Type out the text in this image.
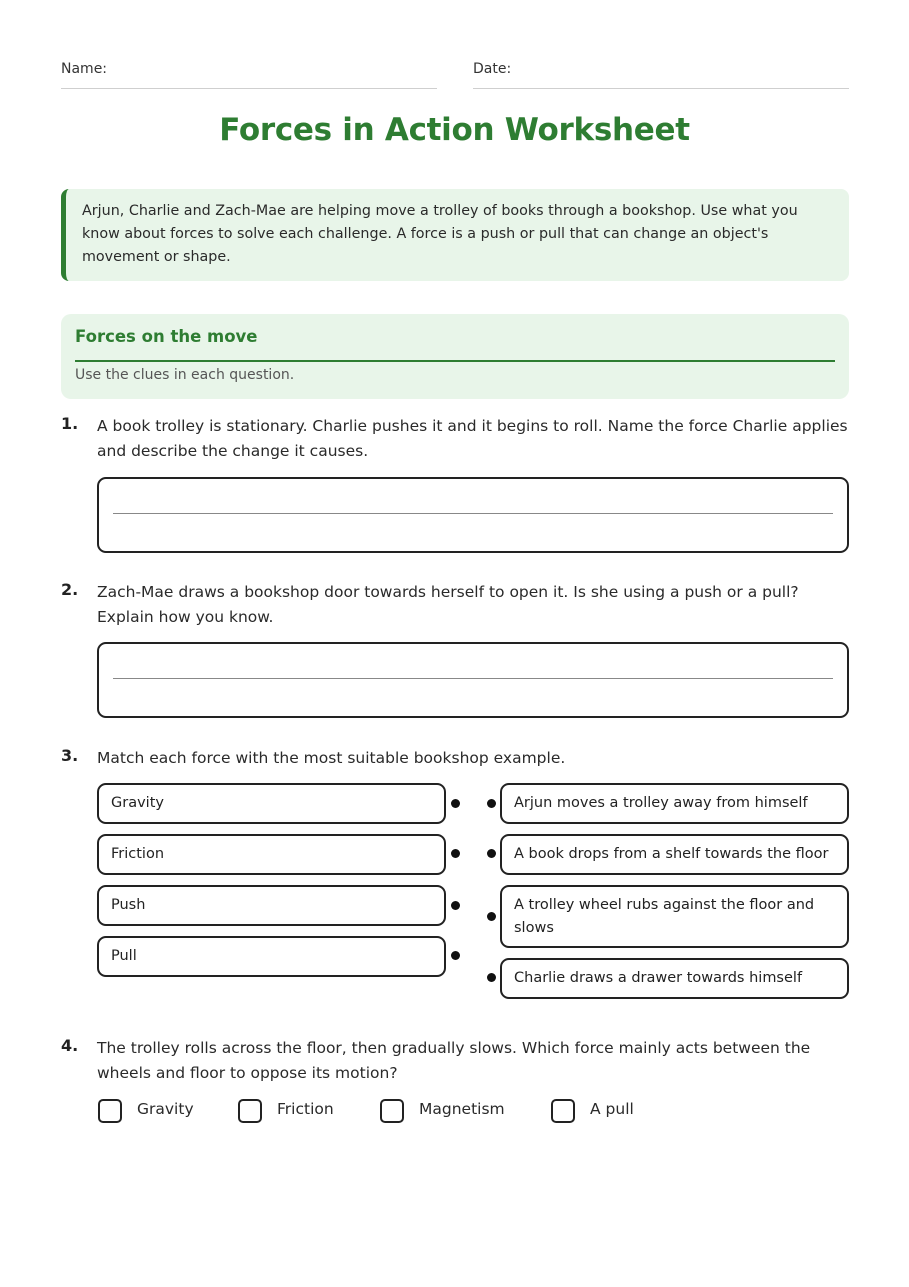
Name:	Date:
Forces in Action Worksheet
Arjun, Charlie and Zach-Mae are helping move a trolley of books through a bookshop. Use what you know about forces to solve each challenge. A force is a push or pull that can change an object's movement or shape.
Forces on the move
Use the clues in each question.
1. A book trolley is stationary. Charlie pushes it and it begins to roll. Name the force Charlie applies and describe the change it causes.
2. Zach-Mae draws a bookshop door towards herself to open it. Is she using a push or a pull? Explain how you know.
3. Match each force with the most suitable bookshop example.
Gravity
Friction
Push
Pull
Arjun moves a trolley away from himself
A book drops from a shelf towards the floor
A trolley wheel rubs against the floor and slows
Charlie draws a drawer towards himself
4. The trolley rolls across the floor, then gradually slows. Which force mainly acts between the wheels and floor to oppose its motion?
Gravity	Friction	Magnetism	A pull
